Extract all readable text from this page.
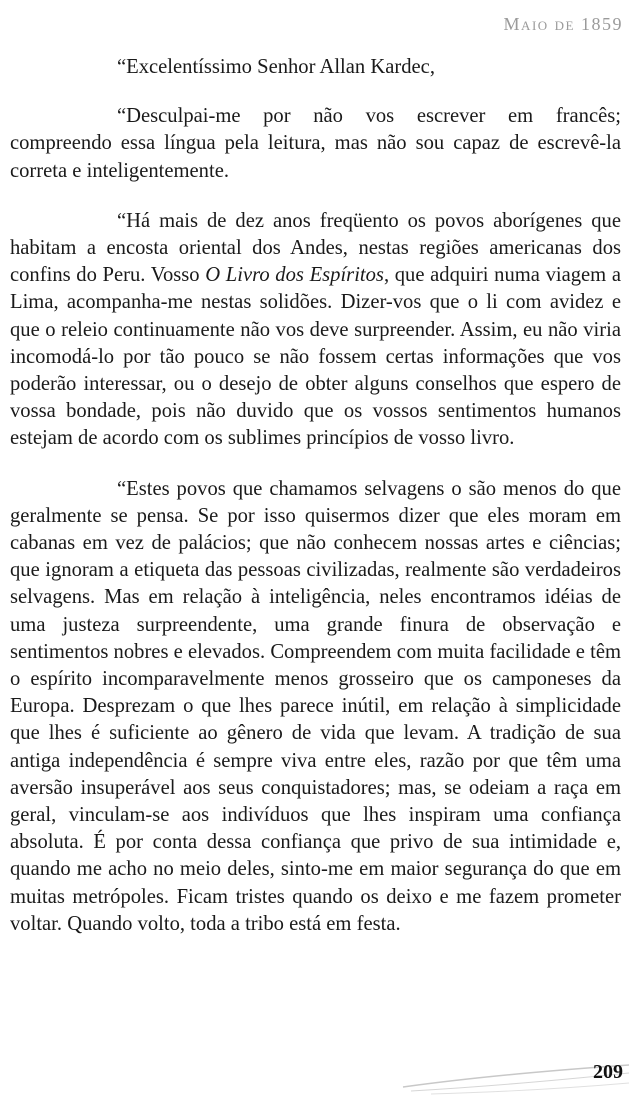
Maio de 1859

“Excelentíssimo Senhor Allan Kardec,

“Desculpai-me por não vos escrever em francês; compreendo essa língua pela leitura, mas não sou capaz de escrevê-la correta e inteligentemente.

“Há mais de dez anos freqüento os povos aborígenes que habitam a encosta oriental dos Andes, nestas regiões americanas dos confins do Peru. Vosso O Livro dos Espíritos, que adquiri numa viagem a Lima, acompanha-me nestas solidões. Dizer-vos que o li com avidez e que o releio continuamente não vos deve surpreender. Assim, eu não viria incomodá-lo por tão pouco se não fossem certas informações que vos poderão interessar, ou o desejo de obter alguns conselhos que espero de vossa bondade, pois não duvido que os vossos sentimentos humanos estejam de acordo com os sublimes princípios de vosso livro.

“Estes povos que chamamos selvagens o são menos do que geralmente se pensa. Se por isso quisermos dizer que eles moram em cabanas em vez de palácios; que não conhecem nossas artes e ciências; que ignoram a etiqueta das pessoas civilizadas, realmente são verdadeiros selvagens. Mas em relação à inteligência, neles encontramos idéias de uma justeza surpreendente, uma grande finura de observação e sentimentos nobres e elevados. Compreendem com muita facilidade e têm o espírito incomparavelmente menos grosseiro que os camponeses da Europa. Desprezam o que lhes parece inútil, em relação à simplicidade que lhes é suficiente ao gênero de vida que levam. A tradição de sua antiga independência é sempre viva entre eles, razão por que têm uma aversão insuperável aos seus conquistadores; mas, se odeiam a raça em geral, vinculam-se aos indivíduos que lhes inspiram uma confiança absoluta. É por conta dessa confiança que privo de sua intimidade e, quando me acho no meio deles, sinto-me em maior segurança do que em muitas metrópoles. Ficam tristes quando os deixo e me fazem prometer voltar. Quando volto, toda a tribo está em festa.

209
